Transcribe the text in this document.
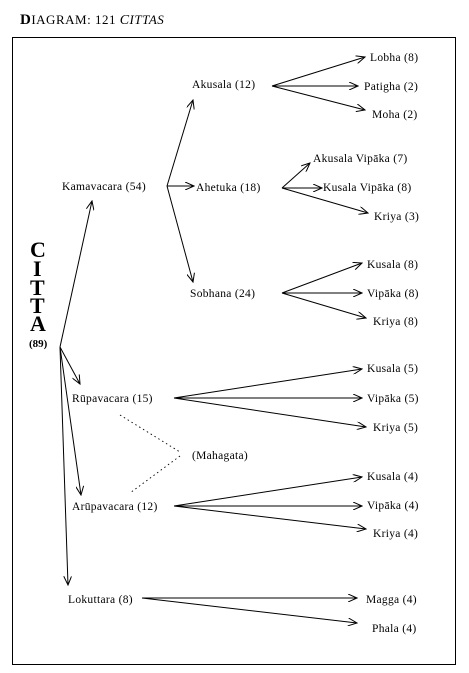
DIAGRAM: 121 CITTAS
C
I
T
T
A
(89)
Kamavacara (54)
Rūpavacara (15)
Arūpavacara (12)
Lokuttara (8)
Akusala (12)
Ahetuka (18)
Sobhana (24)
Lobha (8)
Patigha (2)
Moha (2)
Akusala Vipāka (7)
Kusala Vipāka (8)
Kriya (3)
Kusala (8)
Vipāka (8)
Kriya (8)
Kusala (5)
Vipāka (5)
Kriya (5)
(Mahagata)
Kusala (4)
Vipāka (4)
Kriya (4)
Magga (4)
Phala (4)
